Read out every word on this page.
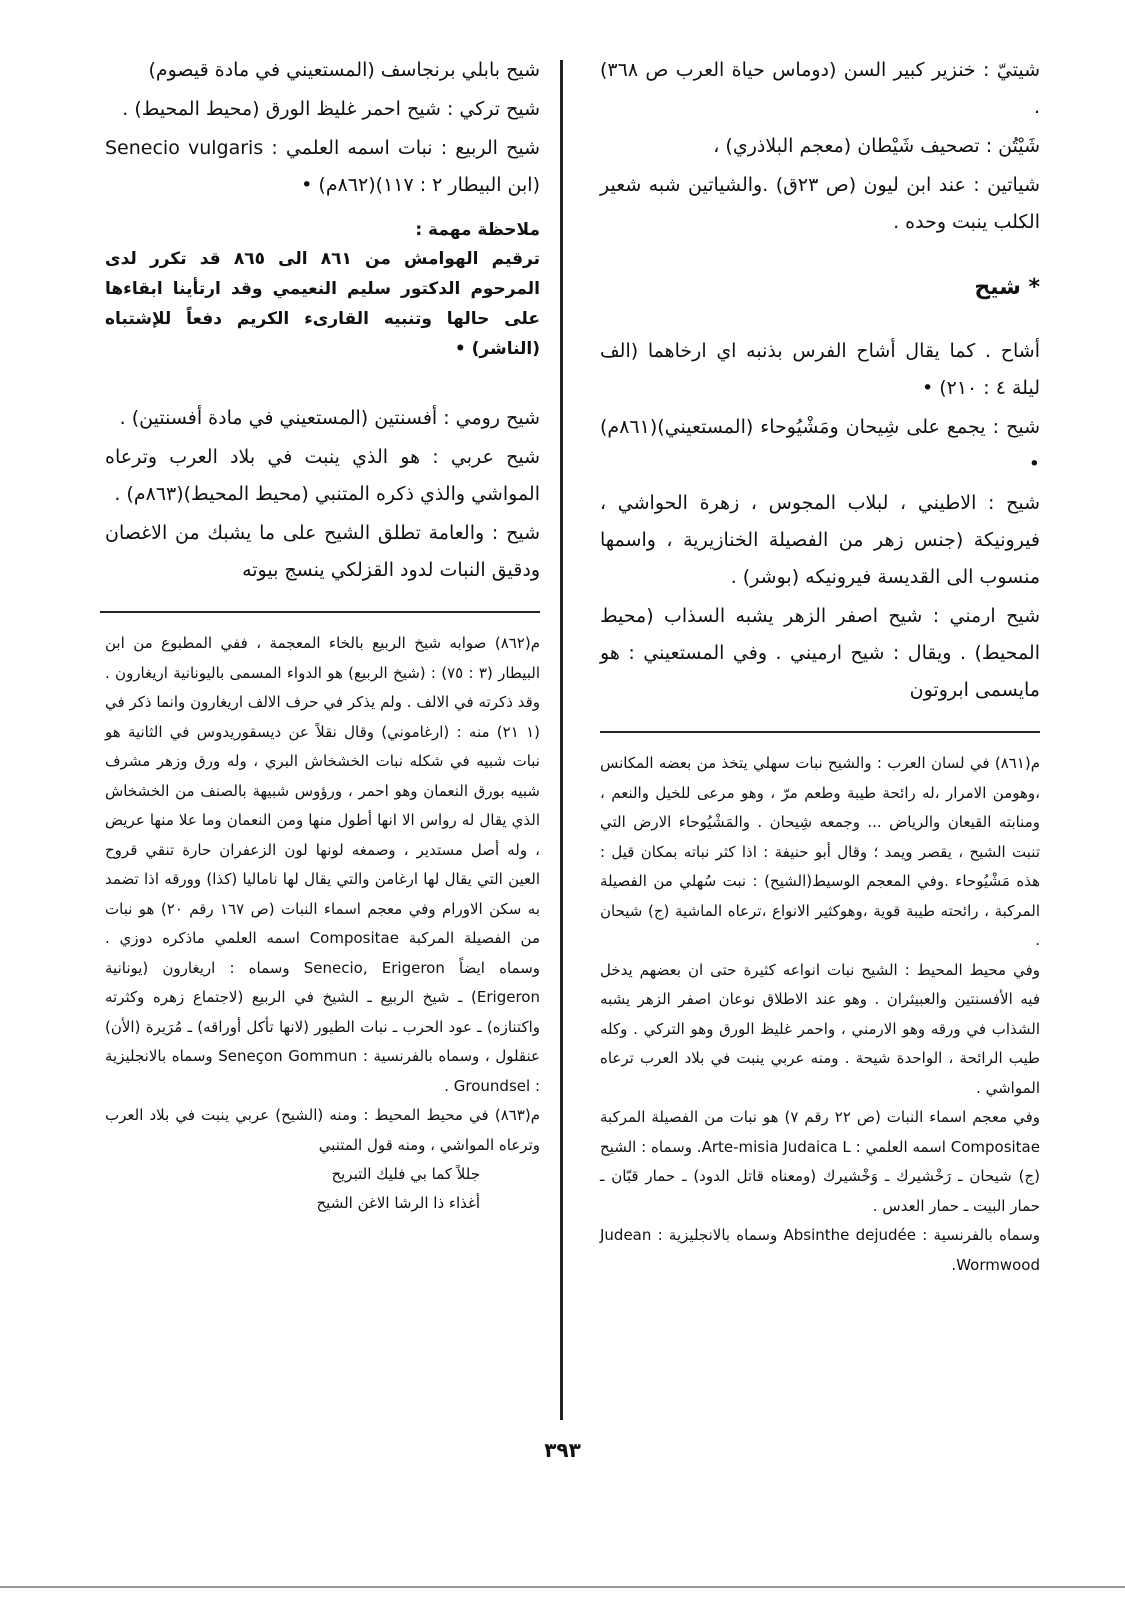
شيتيّ : خنزير كبير السن (دوماس حياة العرب ص ٣٦٨) .

شَيْتُن : تصحيف شَيْطان (معجم البلاذري) ،

شياتين : عند ابن ليون (ص ٢٣ق) .والشياتين شبه شعير الكلب ينبت وحده .

* شيح

أشاح . كما يقال أشاح الفرس بذنبه اي ارخاهما (الف ليلة ٤ : ٢١٠) •

شيح : يجمع على شِيحان ومَشْيُوحاء (المستعيني)(٨٦١م) •

شيح : الاطيني ، لبلاب المجوس ، زهرة الحواشي ، فيرونيكة (جنس زهر من الفصيلة الخنازيرية ، واسمها منسوب الى القديسة فيرونيكه (بوشر) .

شيح ارمني : شيح اصفر الزهر يشبه السذاب (محيط المحيط) . ويقال : شيح ارميني . وفي المستعيني : هو مايسمى ابروتون

م(٨٦١) في لسان العرب : والشيح نبات سهلي يتخذ من بعضه المكانس ،وهومن الامرار ،له رائحة طيبة وطعم مرّ ، وهو مرعى للخيل والنعم ، ومنابته القيعان والرياض ... وجمعه شِيحان . والمَشْيُوحاء الارض التي تنبت الشيح ، يقصر ويمد ؛ وقال أبو حنيفة : اذا كثر نباته بمكان قيل : هذه مَشْيُوحاء .وفي المعجم الوسيط(الشيح) : نبت سُهلي من الفصيلة المركبة ، رائحته طيبة قوية ،وهوكثير الانواع ،ترعاه الماشية (ج) شيحان .

وفي محيط المحيط : الشيح نبات انواعه كثيرة حتى ان بعضهم يدخل فيه الأفسنتين والعبيثران . وهو عند الاطلاق نوعان اصفر الزهر يشبه الشذاب في ورقه وهو الارمني ، واحمر غليظ الورق وهو التركي . وكله طيب الرائحة ، الواحدة شيحة . ومنه عربي ينبت في بلاد العرب ترعاه المواشي .

وفي معجم اسماء النبات (ص ٢٢ رقم ٧) هو نبات من الفصيلة المركبة Compositae اسمه العلمي : Arte-misia Judaica L. وسماه : الشيح (ج) شيحان ـ رَخْشيرك ـ وَخْشيرك (ومعناه قاتل الدود) ـ حمار قبّان ـ حمار البيت ـ حمار العدس .

وسماه بالفرنسية : Absinthe dejudée وسماه بالانجليزية : Judean Wormwood.

شيح بابلي برنجاسف (المستعيني في مادة قيصوم)

شيح تركي : شيح احمر غليظ الورق (محيط المحيط) .

شيح الربيع : نبات اسمه العلمي : Senecio vulgaris (ابن البيطار ٢ : ١١٧)(٨٦٢م) •

ملاحظة مهمة :

ترقيم الهوامش من ٨٦١ الى ٨٦٥ قد تكرر لدى المرحوم الدكتور سليم النعيمي وقد ارتأينا ابقاءها على حالها وتنبيه القارىء الكريم دفعاً للإشتباه (الناشر) •

شيح رومي : أفسنتين (المستعيني في مادة أفسنتين) .

شيح عربي : هو الذي ينبت في بلاد العرب وترعاه المواشي والذي ذكره المتنبي (محيط المحيط)(٨٦٣م) .

شيح : والعامة تطلق الشيح على ما يشبك من الاغصان ودقيق النبات لدود القزلكي ينسج بيوته

م(٨٦٢) صوابه شيخ الربيع بالخاء المعجمة ، ففي المطبوع من ابن البيطار (٣ : ٧٥) : (شيخ الربيع) هو الدواء المسمى باليونانية اريغارون . وقد ذكرته في الالف . ولم يذكر في حرف الالف اريغارون وانما ذكر في (١ ٢١) منه : (ارغاموني) وقال نقلاً عن ديسقوريدوس في الثانية هو نبات شبيه في شكله نبات الخشخاش البري ، وله ورق وزهر مشرف شبيه بورق النعمان وهو احمر ، ورؤوس شبيهة بالصنف من الخشخاش الذي يقال له رواس الا انها أطول منها ومن النعمان وما علا منها عريض ، وله أصل مستدير ، وصمغه لونها لون الزعفران حارة تنقي قروح العين التي يقال لها ارغامن والتي يقال لها ناماليا (كذا) وورقه اذا تضمد به سكن الاورام وفي معجم اسماء النبات (ص ١٦٧ رقم ٢٠) هو نبات من الفصيلة المركبة Compositae اسمه العلمي ماذكره دوزي . وسماه ايضاً Senecio, Erigeron وسماه : اريغارون (يونانية Erigeron) ـ شيخ الربيع ـ الشيخ في الربيع (لاجتماع زهره وكثرته واكتنازه) ـ عود الحرب ـ نبات الطيور (لانها تأكل أوراقه) ـ مُرَيرة (الأن) عنقلول ، وسماه بالفرنسية : Seneçon Gommun وسماه بالانجليزية : Groundsel .

م(٨٦٣) في محيط المحيط : ومنه (الشيح) عربي ينبت في بلاد العرب وترعاه المواشي ، ومنه قول المتنبي

جللاً كما بي فليك التبريح

أغذاء ذا الرشا الاغن الشيح

٣٩٣
